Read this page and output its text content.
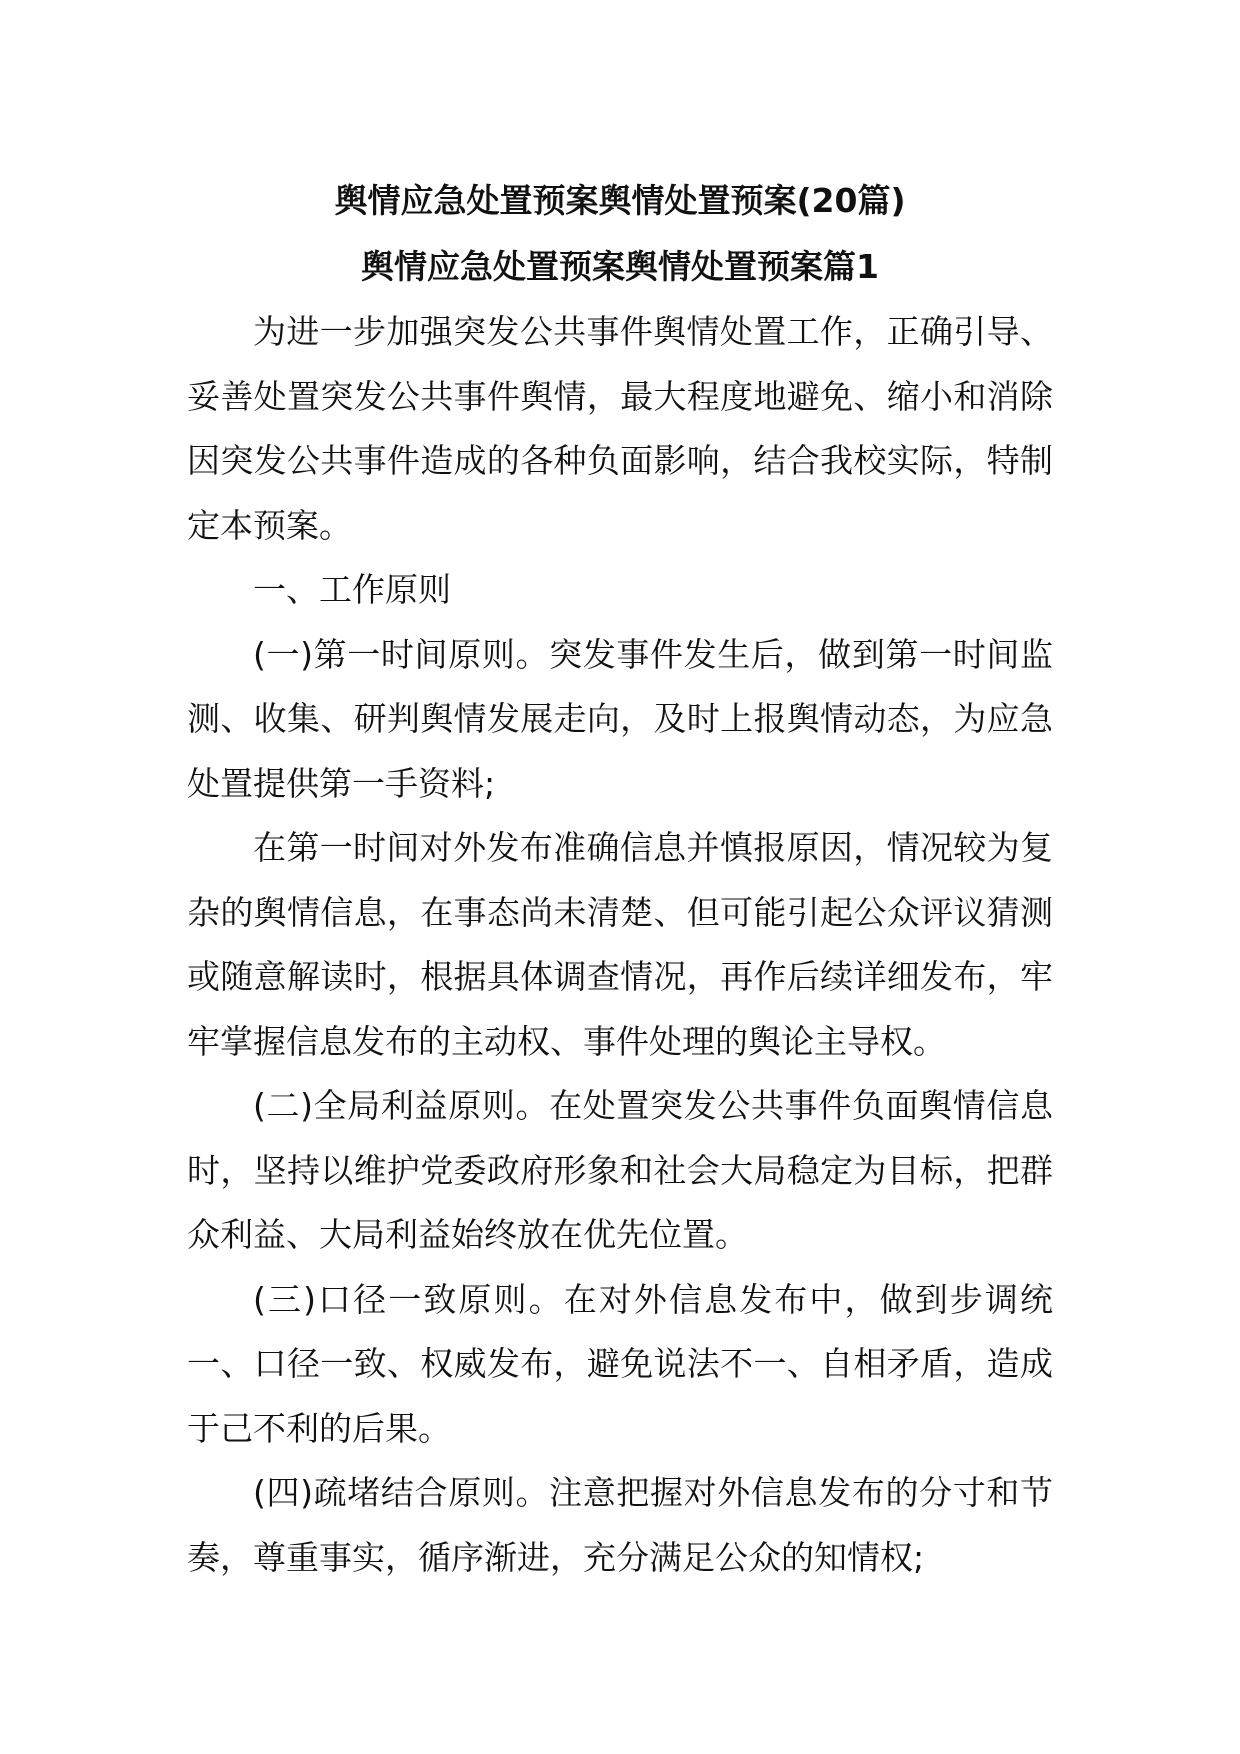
舆情应急处置预案舆情处置预案(20篇)
舆情应急处置预案舆情处置预案篇1

为进一步加强突发公共事件舆情处置工作，正确引导、妥善处置突发公共事件舆情，最大程度地避免、缩小和消除因突发公共事件造成的各种负面影响，结合我校实际，特制定本预案。

一、工作原则

(一)第一时间原则。突发事件发生后，做到第一时间监测、收集、研判舆情发展走向，及时上报舆情动态，为应急处置提供第一手资料;

在第一时间对外发布准确信息并慎报原因，情况较为复杂的舆情信息，在事态尚未清楚、但可能引起公众评议猜测或随意解读时，根据具体调查情况，再作后续详细发布，牢牢掌握信息发布的主动权、事件处理的舆论主导权。

(二)全局利益原则。在处置突发公共事件负面舆情信息时，坚持以维护党委政府形象和社会大局稳定为目标，把群众利益、大局利益始终放在优先位置。

(三)口径一致原则。在对外信息发布中，做到步调统一、口径一致、权威发布，避免说法不一、自相矛盾，造成于己不利的后果。

(四)疏堵结合原则。注意把握对外信息发布的分寸和节奏，尊重事实，循序渐进，充分满足公众的知情权;
